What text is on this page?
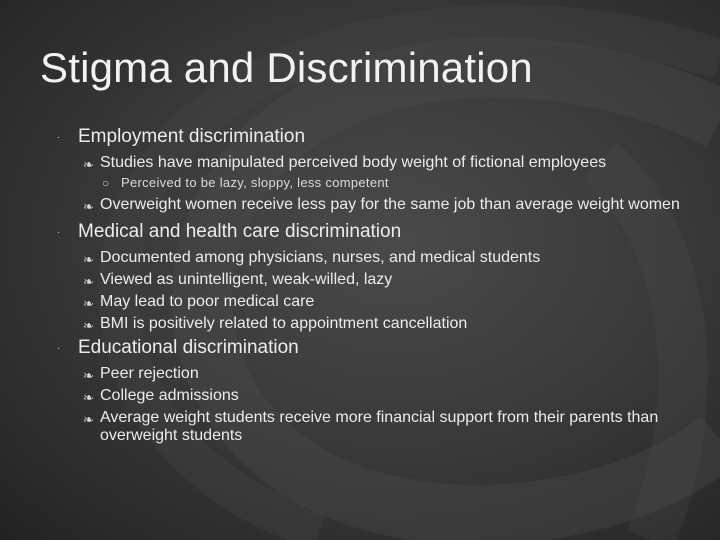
Stigma and Discrimination
· Employment discrimination
❧ Studies have manipulated perceived body weight of fictional employees
○ Perceived to be lazy, sloppy, less competent
❧ Overweight women receive less pay for the same job than average weight women
· Medical and health care discrimination
❧ Documented among physicians, nurses, and medical students
❧ Viewed as unintelligent, weak-willed, lazy
❧ May lead to poor medical care
❧ BMI is positively related to appointment cancellation
· Educational discrimination
❧ Peer rejection
❧ College admissions
❧ Average weight students receive more financial support from their parents than overweight students
